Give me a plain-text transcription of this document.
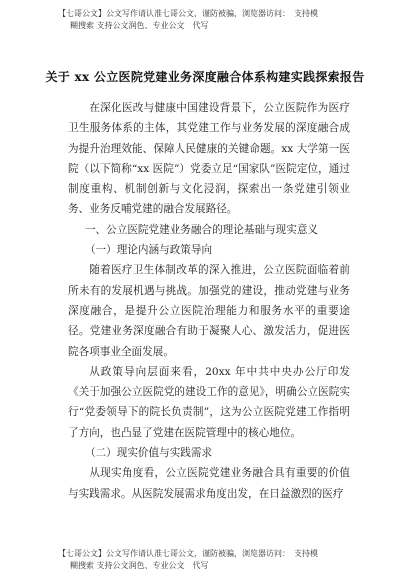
【七哥公文】公文写作请认准七哥公文，谨防被骗，浏览器访问：　支持模
糊搜索 支持公文润色、专业公文　代写
关于 xx 公立医院党建业务深度融合体系构建实践探索报告

在深化医改与健康中国建设背景下，公立医院作为医疗卫生服务体系的主体，其党建工作与业务发展的深度融合成为提升治理效能、保障人民健康的关键命题。xx 大学第一医院（以下简称“xx 医院”）党委立足“国家队”医院定位，通过制度重构、机制创新与文化浸润，探索出一条党建引领业务、业务反哺党建的融合发展路径。

一、公立医院党建业务融合的理论基础与现实意义

（一）理论内涵与政策导向

随着医疗卫生体制改革的深入推进，公立医院面临着前所未有的发展机遇与挑战。加强党的建设，推动党建与业务深度融合，是提升公立医院治理能力和服务水平的重要途径。党建业务深度融合有助于凝聚人心、激发活力，促进医院各项事业全面发展。

从政策导向层面来看，20xx 年中共中央办公厅印发《关于加强公立医院党的建设工作的意见》，明确公立医院实行“党委领导下的院长负责制”，这为公立医院党建工作指明了方向，也凸显了党建在医院管理中的核心地位。

（二）现实价值与实践需求

从现实角度看，公立医院党建业务融合具有重要的价值与实践需求。从医院发展需求角度出发，在日益激烈的医疗

【七哥公文】公文写作请认准七哥公文，谨防被骗，浏览器访问：　支持模
糊搜索 支持公文润色、专业公文　代写
